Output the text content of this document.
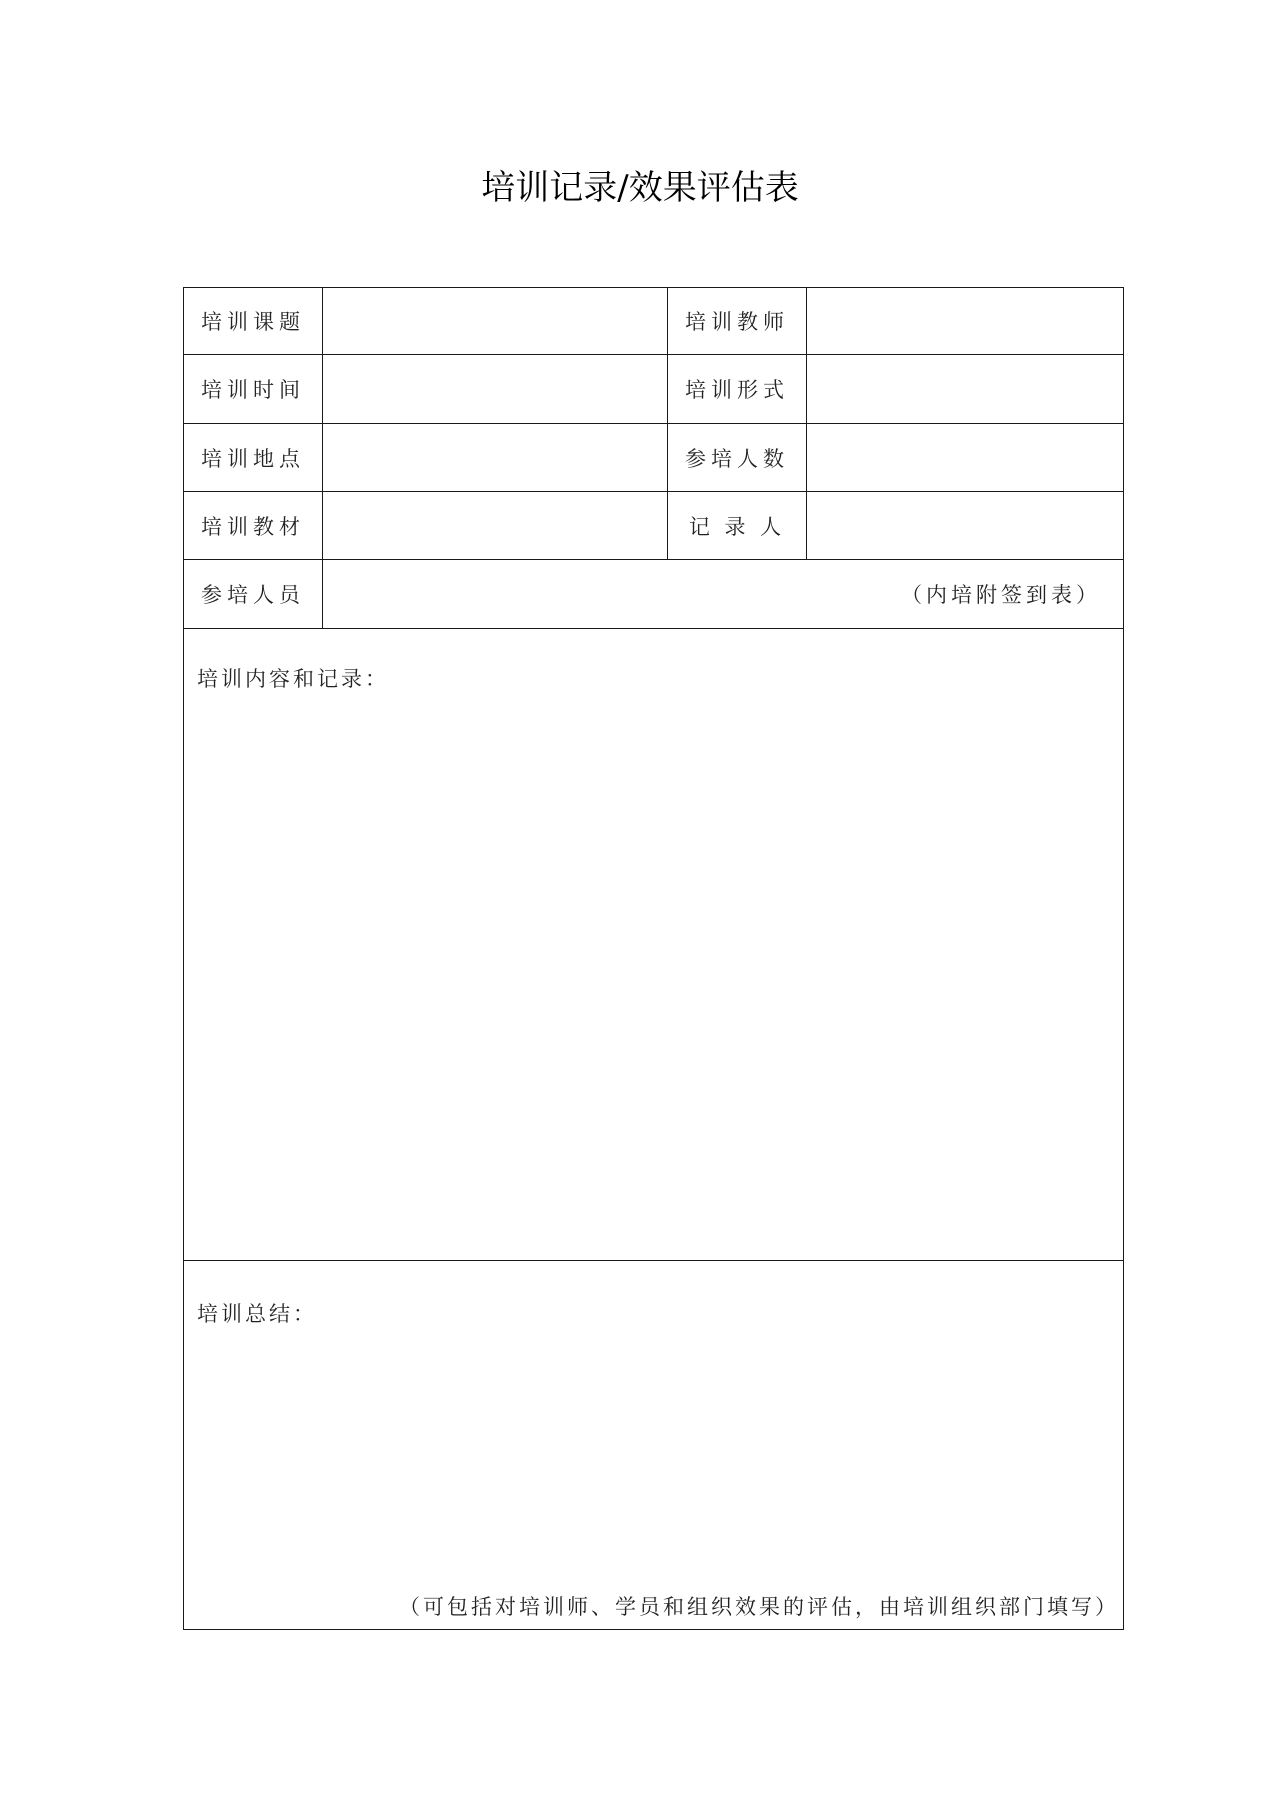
培训记录/效果评估表
培训课题	培训教师
培训时间	培训形式
培训地点	参培人数
培训教材	记 录 人
参培人员	（内培附签到表）
培训内容和记录：
培训总结：
（可包括对培训师、学员和组织效果的评估，由培训组织部门填写）
